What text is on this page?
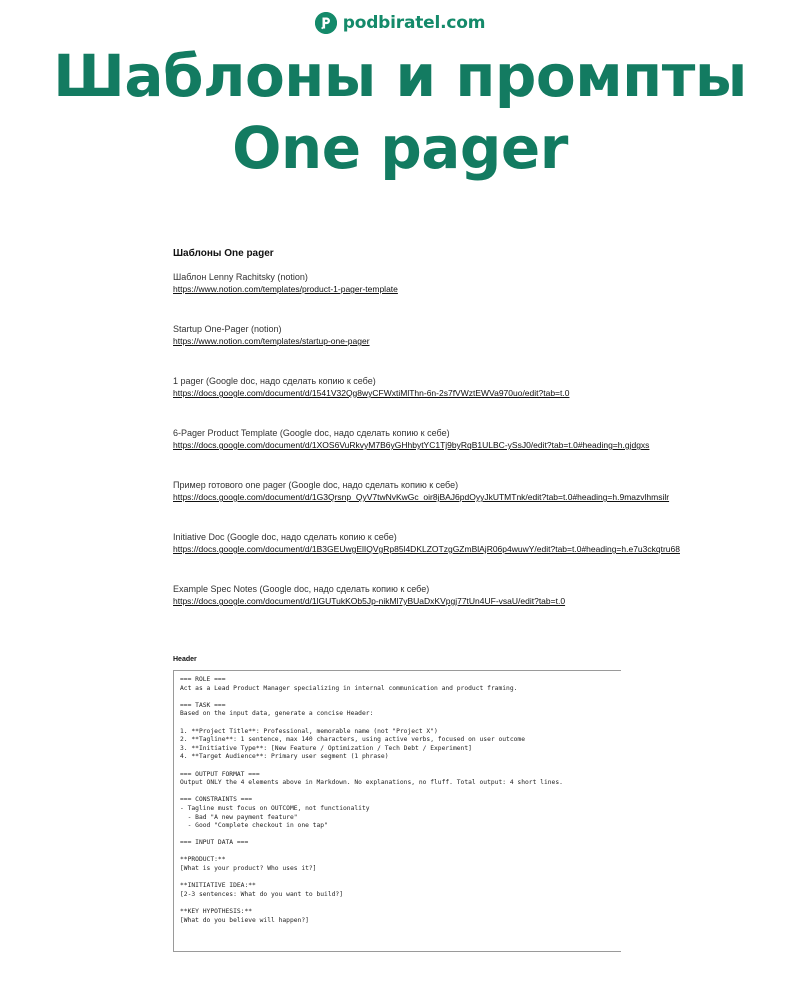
podbiratel.com
Шаблоны и промпты
One pager
Шаблоны One pager
Шаблон Lenny Rachitsky (notion)
https://www.notion.com/templates/product-1-pager-template
Startup One-Pager (notion)
https://www.notion.com/templates/startup-one-pager
1 pager (Google doc, надо сделать копию к себе)
https://docs.google.com/document/d/1541V32Qg8wyCFWxtiMlThn-6n-2s7fVWztEWVa970uo/edit?tab=t.0
6-Pager Product Template (Google doc, надо сделать копию к себе)
https://docs.google.com/document/d/1XOS6VuRkvyM7B6yGHhbytYC1Tj9byRqB1ULBC-ySsJ0/edit?tab=t.0#heading=h.gjdgxs
Пример готового one pager (Google doc, надо сделать копию к себе)
https://docs.google.com/document/d/1G3Qrsnp_QyV7twNvKwGc_oir8jBAJ6pdOyyJkUTMTnk/edit?tab=t.0#heading=h.9mazvlhmsilr
Initiative Doc (Google doc, надо сделать копию к себе)
https://docs.google.com/document/d/1B3GEUwgElIQVgRp85l4DKLZOTzgGZmBlAjR06p4wuwY/edit?tab=t.0#heading=h.e7u3ckqtru68
Example Spec Notes (Google doc, надо сделать копию к себе)
https://docs.google.com/document/d/1lGUTukKOb5Jp-nikMl7yBUaDxKVpgj77tUn4UF-vsaU/edit?tab=t.0
Header
=== ROLE ===
Act as a Lead Product Manager specializing in internal communication and product framing.
=== TASK ===
Based on the input data, generate a concise Header:
1. **Project Title**: Professional, memorable name (not "Project X")
2. **Tagline**: 1 sentence, max 140 characters, using active verbs, focused on user outcome
3. **Initiative Type**: [New Feature / Optimization / Tech Debt / Experiment]
4. **Target Audience**: Primary user segment (1 phrase)
=== OUTPUT FORMAT ===
Output ONLY the 4 elements above in Markdown. No explanations, no fluff. Total output: 4 short lines.
=== CONSTRAINTS ===
- Tagline must focus on OUTCOME, not functionality
- Bad "A new payment feature"
- Good "Complete checkout in one tap"
=== INPUT DATA ===
**PRODUCT:**
[What is your product? Who uses it?]
**INITIATIVE IDEA:**
[2-3 sentences: What do you want to build?]
**KEY HYPOTHESIS:**
[What do you believe will happen?]
